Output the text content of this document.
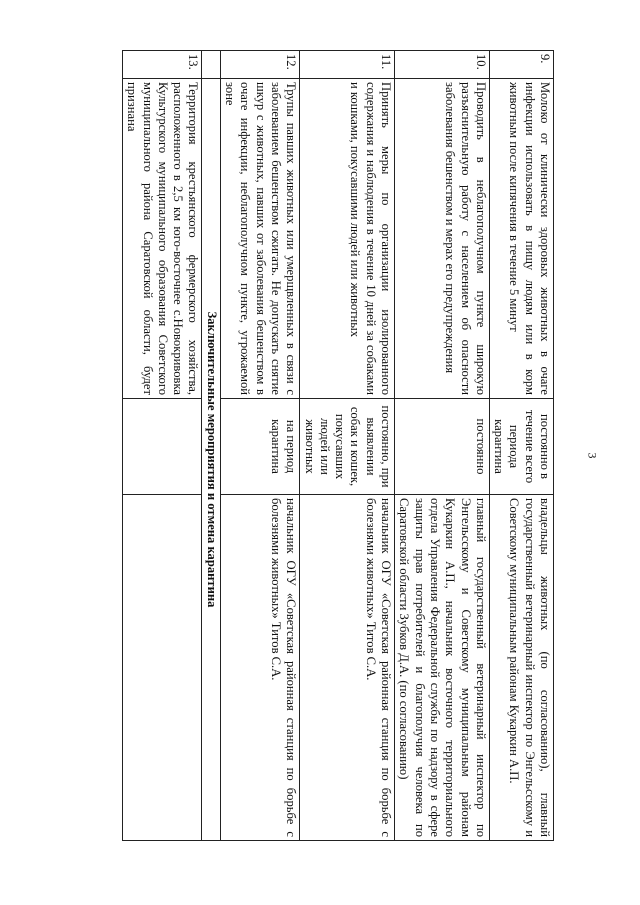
3
9.	Молоко от клинически здоровых животных в очаге инфекции использовать в пищу людям или в корм животным после кипячения в течение 5 минут	постоянно в течение всего периода карантина	владельцы животных (по согласованию), главный государственный ветеринарный инспектор по Энгельсскому и Советскому муниципальным районам Кукаркин А.П.
10.	Проводить в неблагополучном пункте широкую разъяснительную работу с населением об опасности заболевания бешенством и мерах его предупреждения	постоянно	главный государственный ветеринарный инспектор по Энгельсскому и Советскому муниципальным районам Кукаркин А.П., начальник восточного территориального отдела Управления Федеральной службы по надзору в сфере защиты прав потребителей и благополучия человека по Саратовской области Зубков Д.А. (по согласованию)
11.	Принять меры по организации изолированного содержания и наблюдения в течение 10 дней за собаками и кошками, покусавшими людей или животных	постоянно, при выявлении собак и кошек, покусавших людей или животных	начальник ОГУ «Советская районная станция по борьбе с болезнями животных» Титов С.А.
12.	Трупы павших животных или умерщвленных в связи с заболеванием бешенством сжигать. Не допускать снятие шкур с животных, павших от заболевания бешенством в очаге инфекции, неблагополучном пункте, угрожаемой зоне	на период карантина	начальник ОГУ «Советская районная станция по борьбе с болезнями животных» Титов С.А.
	Заключительные мероприятия и отмена карантина		
13.	Территория крестьянского фермерского хозяйства, расположенного в 2,5 км юго-восточнее с.Новокривовка Культурского муниципального образования Советского муниципального района Саратовской области, будет признана		
